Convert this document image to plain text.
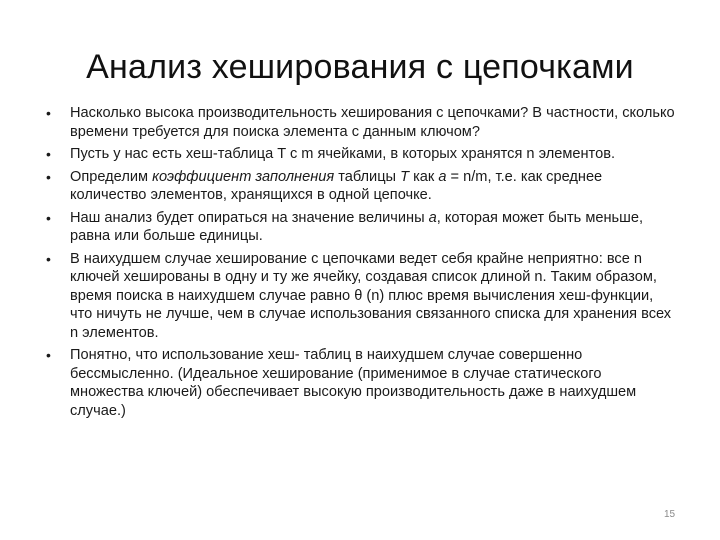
Анализ хеширования с цепочками
• Насколько высока производительность хеширования с цепочками? В частности, сколько времени требуется для поиска элемента с данным ключом?
• Пусть у нас есть хеш-таблица T с m ячейками, в которых хранятся n элементов.
• Определим коэффициент заполнения таблицы T как a = n/m, т.е. как среднее количество элементов, хранящихся в одной цепочке.
• Наш анализ будет опираться на значение величины a, которая может быть меньше, равна или больше единицы.
• В наихудшем случае хеширование с цепочками ведет себя крайне неприятно: все n ключей хешированы в одну и ту же ячейку, создавая список длиной n. Таким образом, время поиска в наихудшем случае равно θ (n) плюс время вычисления хеш-функции, что ничуть не лучше, чем в случае использования связанного списка для хранения всех n элементов.
• Понятно, что использование хеш- таблиц в наихудшем случае совершенно бессмысленно. (Идеальное хеширование (применимое в случае статического множества ключей) обеспечивает высокую производительность даже в наихудшем случае.)
15
